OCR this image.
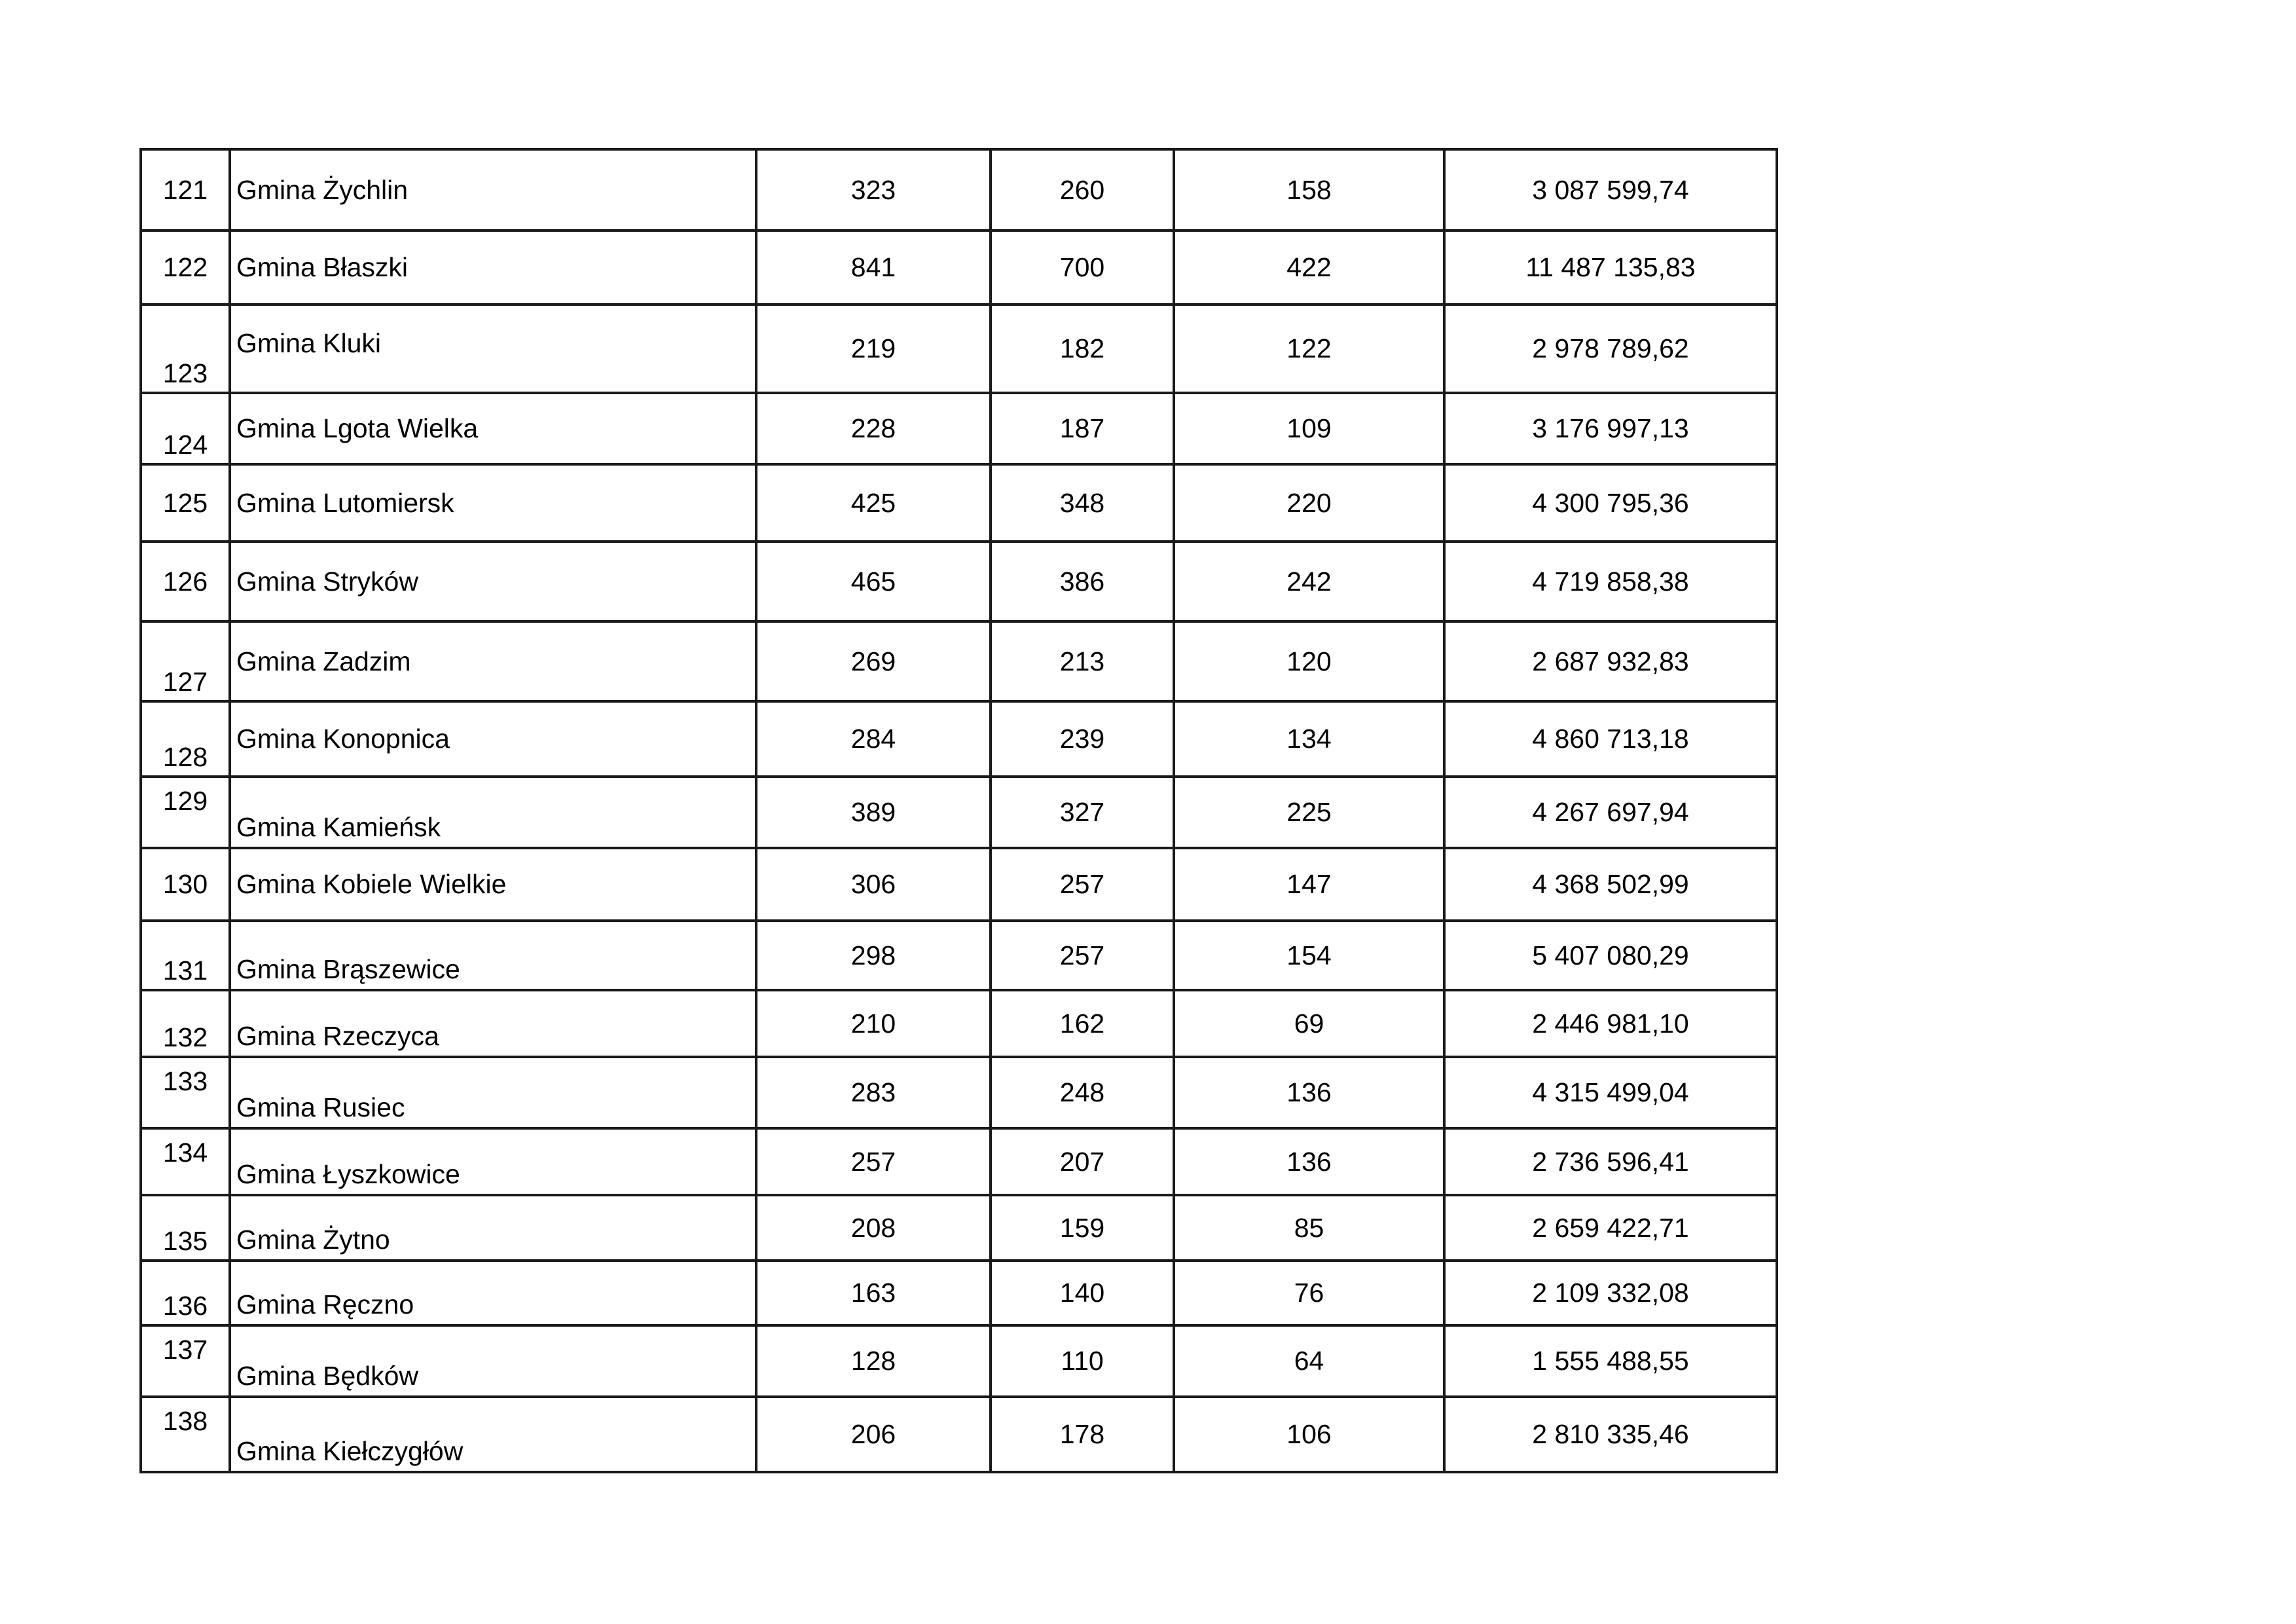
121	Gmina Żychlin	323	260	158	3 087 599,74
122	Gmina Błaszki	841	700	422	11 487 135,83
123	Gmina Kluki	219	182	122	2 978 789,62
124	Gmina Lgota Wielka	228	187	109	3 176 997,13
125	Gmina Lutomiersk	425	348	220	4 300 795,36
126	Gmina Stryków	465	386	242	4 719 858,38
127	Gmina Zadzim	269	213	120	2 687 932,83
128	Gmina Konopnica	284	239	134	4 860 713,18
129	Gmina Kamieńsk	389	327	225	4 267 697,94
130	Gmina Kobiele Wielkie	306	257	147	4 368 502,99
131	Gmina Brąszewice	298	257	154	5 407 080,29
132	Gmina Rzeczyca	210	162	69	2 446 981,10
133	Gmina Rusiec	283	248	136	4 315 499,04
134	Gmina Łyszkowice	257	207	136	2 736 596,41
135	Gmina Żytno	208	159	85	2 659 422,71
136	Gmina Ręczno	163	140	76	2 109 332,08
137	Gmina Będków	128	110	64	1 555 488,55
138	Gmina Kiełczygłów	206	178	106	2 810 335,46
